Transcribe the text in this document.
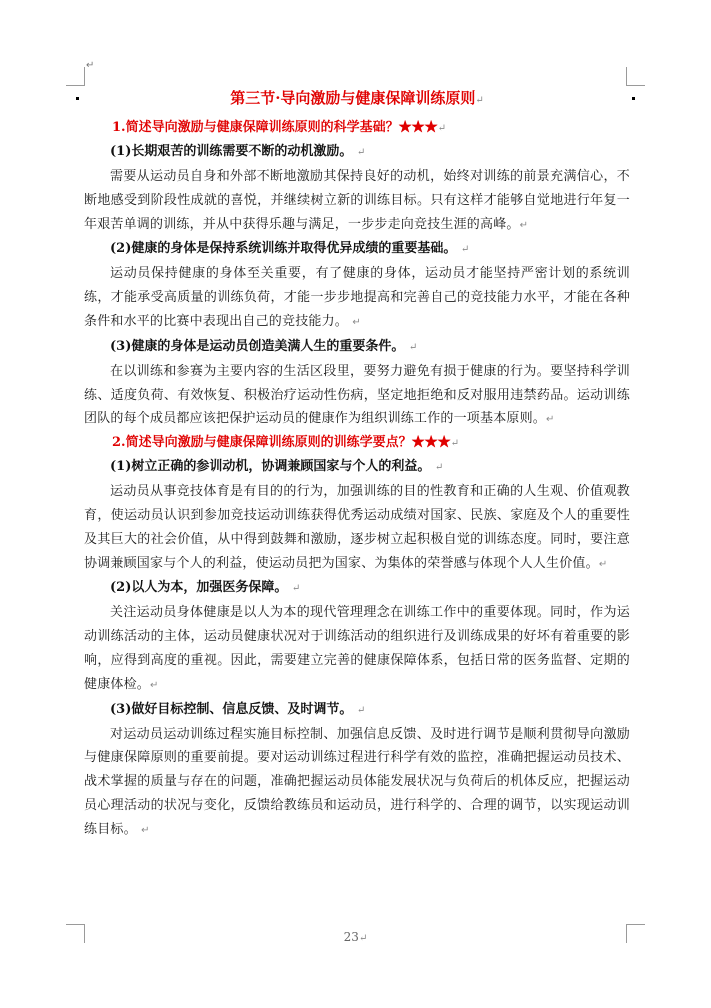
↵
第三节·导向激励与健康保障训练原则↵
1.简述导向激励与健康保障训练原则的科学基础？★★★↵
(1)长期艰苦的训练需要不断的动机激励。 ↵

需要从运动员自身和外部不断地激励其保持良好的动机，始终对训练的前景充满信心，不断地感受到阶段性成就的喜悦，并继续树立新的训练目标。只有这样才能够自觉地进行年复一年艰苦单调的训练，并从中获得乐趣与满足，一步步走向竞技生涯的高峰。↵

(2)健康的身体是保持系统训练并取得优异成绩的重要基础。 ↵

运动员保持健康的身体至关重要，有了健康的身体，运动员才能坚持严密计划的系统训练，才能承受高质量的训练负荷，才能一步步地提高和完善自己的竞技能力水平，才能在各种条件和水平的比赛中表现出自己的竞技能力。 ↵

(3)健康的身体是运动员创造美满人生的重要条件。 ↵

在以训练和参赛为主要内容的生活区段里，要努力避免有损于健康的行为。要坚持科学训练、适度负荷、有效恢复、积极治疗运动性伤病，坚定地拒绝和反对服用违禁药品。运动训练团队的每个成员都应该把保护运动员的健康作为组织训练工作的一项基本原则。↵

2.简述导向激励与健康保障训练原则的训练学要点？★★★↵
(1)树立正确的参训动机，协调兼顾国家与个人的利益。 ↵

运动员从事竞技体育是有目的的行为，加强训练的目的性教育和正确的人生观、价值观教育，使运动员认识到参加竞技运动训练获得优秀运动成绩对国家、民族、家庭及个人的重要性及其巨大的社会价值，从中得到鼓舞和激励，逐步树立起积极自觉的训练态度。同时，要注意协调兼顾国家与个人的利益，使运动员把为国家、为集体的荣誉感与体现个人人生价值。↵

(2)以人为本，加强医务保障。 ↵

关注运动员身体健康是以人为本的现代管理理念在训练工作中的重要体现。同时，作为运动训练活动的主体，运动员健康状况对于训练活动的组织进行及训练成果的好坏有着重要的影响，应得到高度的重视。因此，需要建立完善的健康保障体系，包括日常的医务监督、定期的健康体检。↵

(3)做好目标控制、信息反馈、及时调节。 ↵

对运动员运动训练过程实施目标控制、加强信息反馈、及时进行调节是顺利贯彻导向激励与健康保障原则的重要前提。要对运动训练过程进行科学有效的监控，准确把握运动员技术、战术掌握的质量与存在的问题，准确把握运动员体能发展状况与负荷后的机体反应，把握运动员心理活动的状况与变化，反馈给教练员和运动员，进行科学的、合理的调节，以实现运动训练目标。 ↵

23↵
